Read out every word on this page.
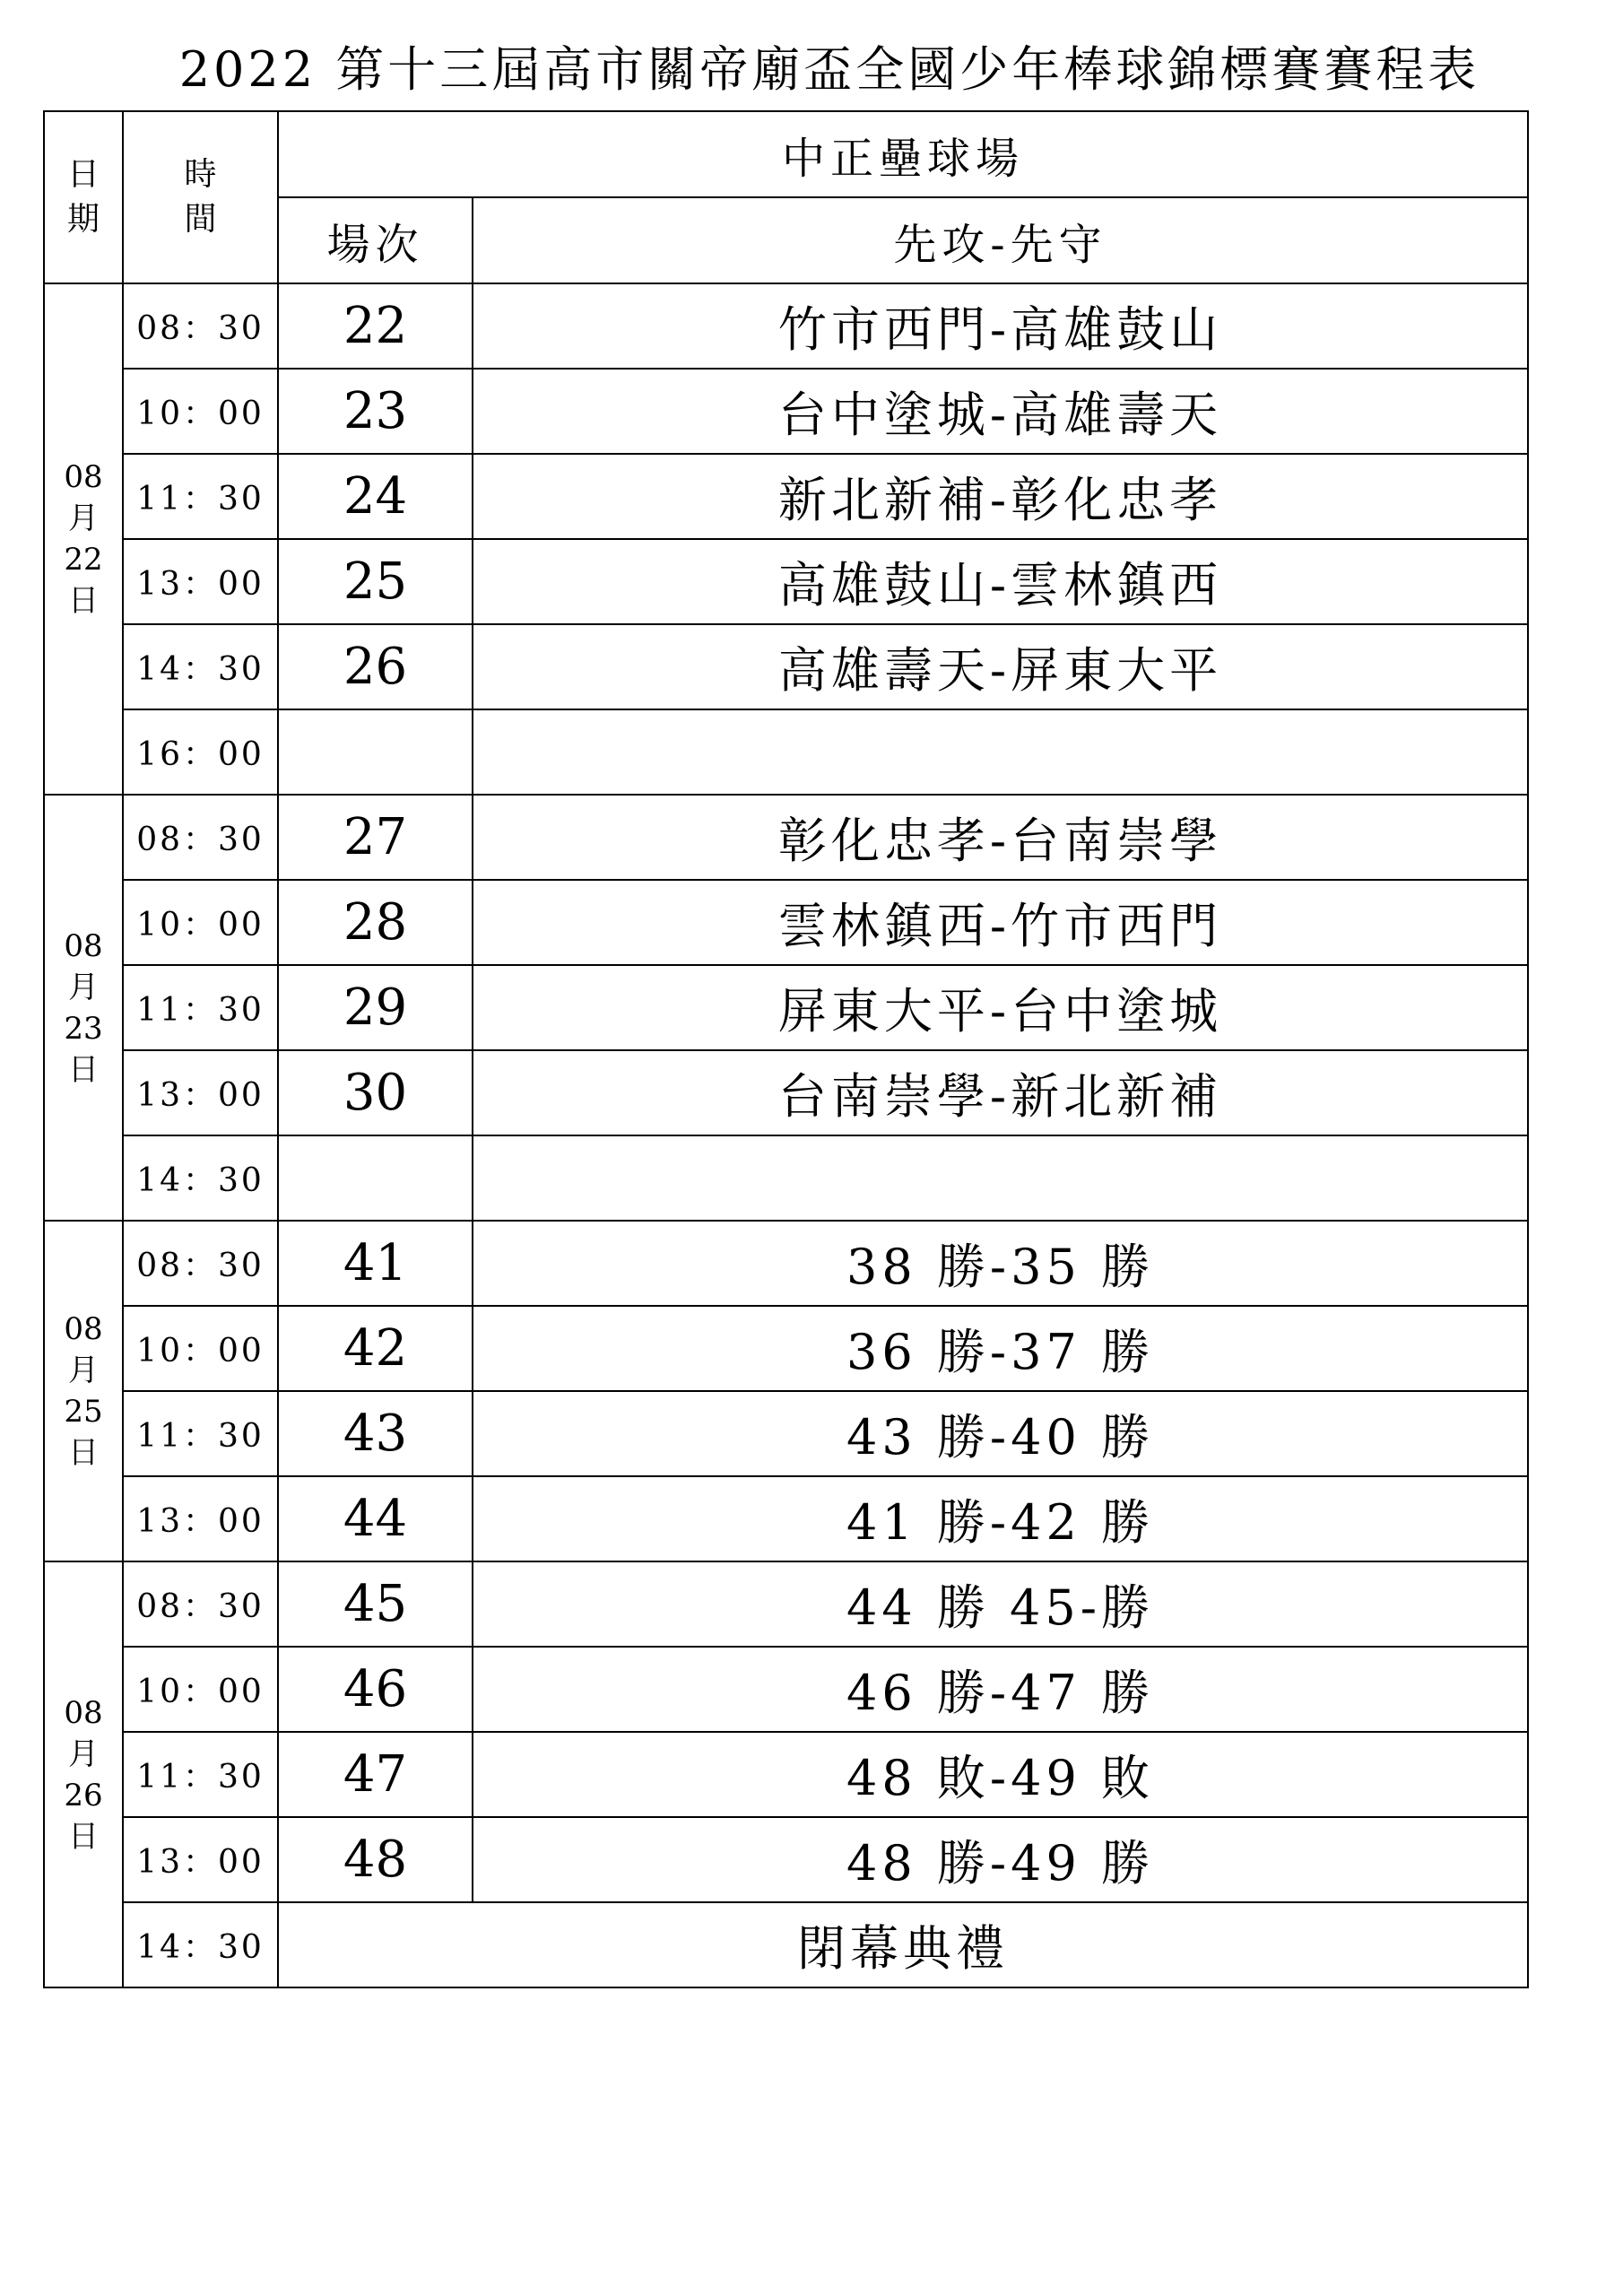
2022 第十三屆高市關帝廟盃全國少年棒球錦標賽賽程表
日
期	時
間	中正壘球場	
		場次	先攻-先守

08
月
22
日	08：30	22	竹市西門-高雄鼓山
	10：00	23	台中塗城-高雄壽天
	11：30	24	新北新補-彰化忠孝
	13：00	25	高雄鼓山-雲林鎮西
	14：30	26	高雄壽天-屏東大平
	16：00		

08
月
23
日	08：30	27	彰化忠孝-台南崇學
	10：00	28	雲林鎮西-竹市西門
	11：30	29	屏東大平-台中塗城
	13：00	30	台南崇學-新北新補
	14：30		

08
月
25
日	08：30	41	38 勝-35 勝
	10：00	42	36 勝-37 勝
	11：30	43	43 勝-40 勝
	13：00	44	41 勝-42 勝

08
月
26
日	08：30	45	44 勝 45-勝
	10：00	46	46 勝-47 勝
	11：30	47	48 敗-49 敗
	13：00	48	48 勝-49 勝
	14：30	閉幕典禮	
